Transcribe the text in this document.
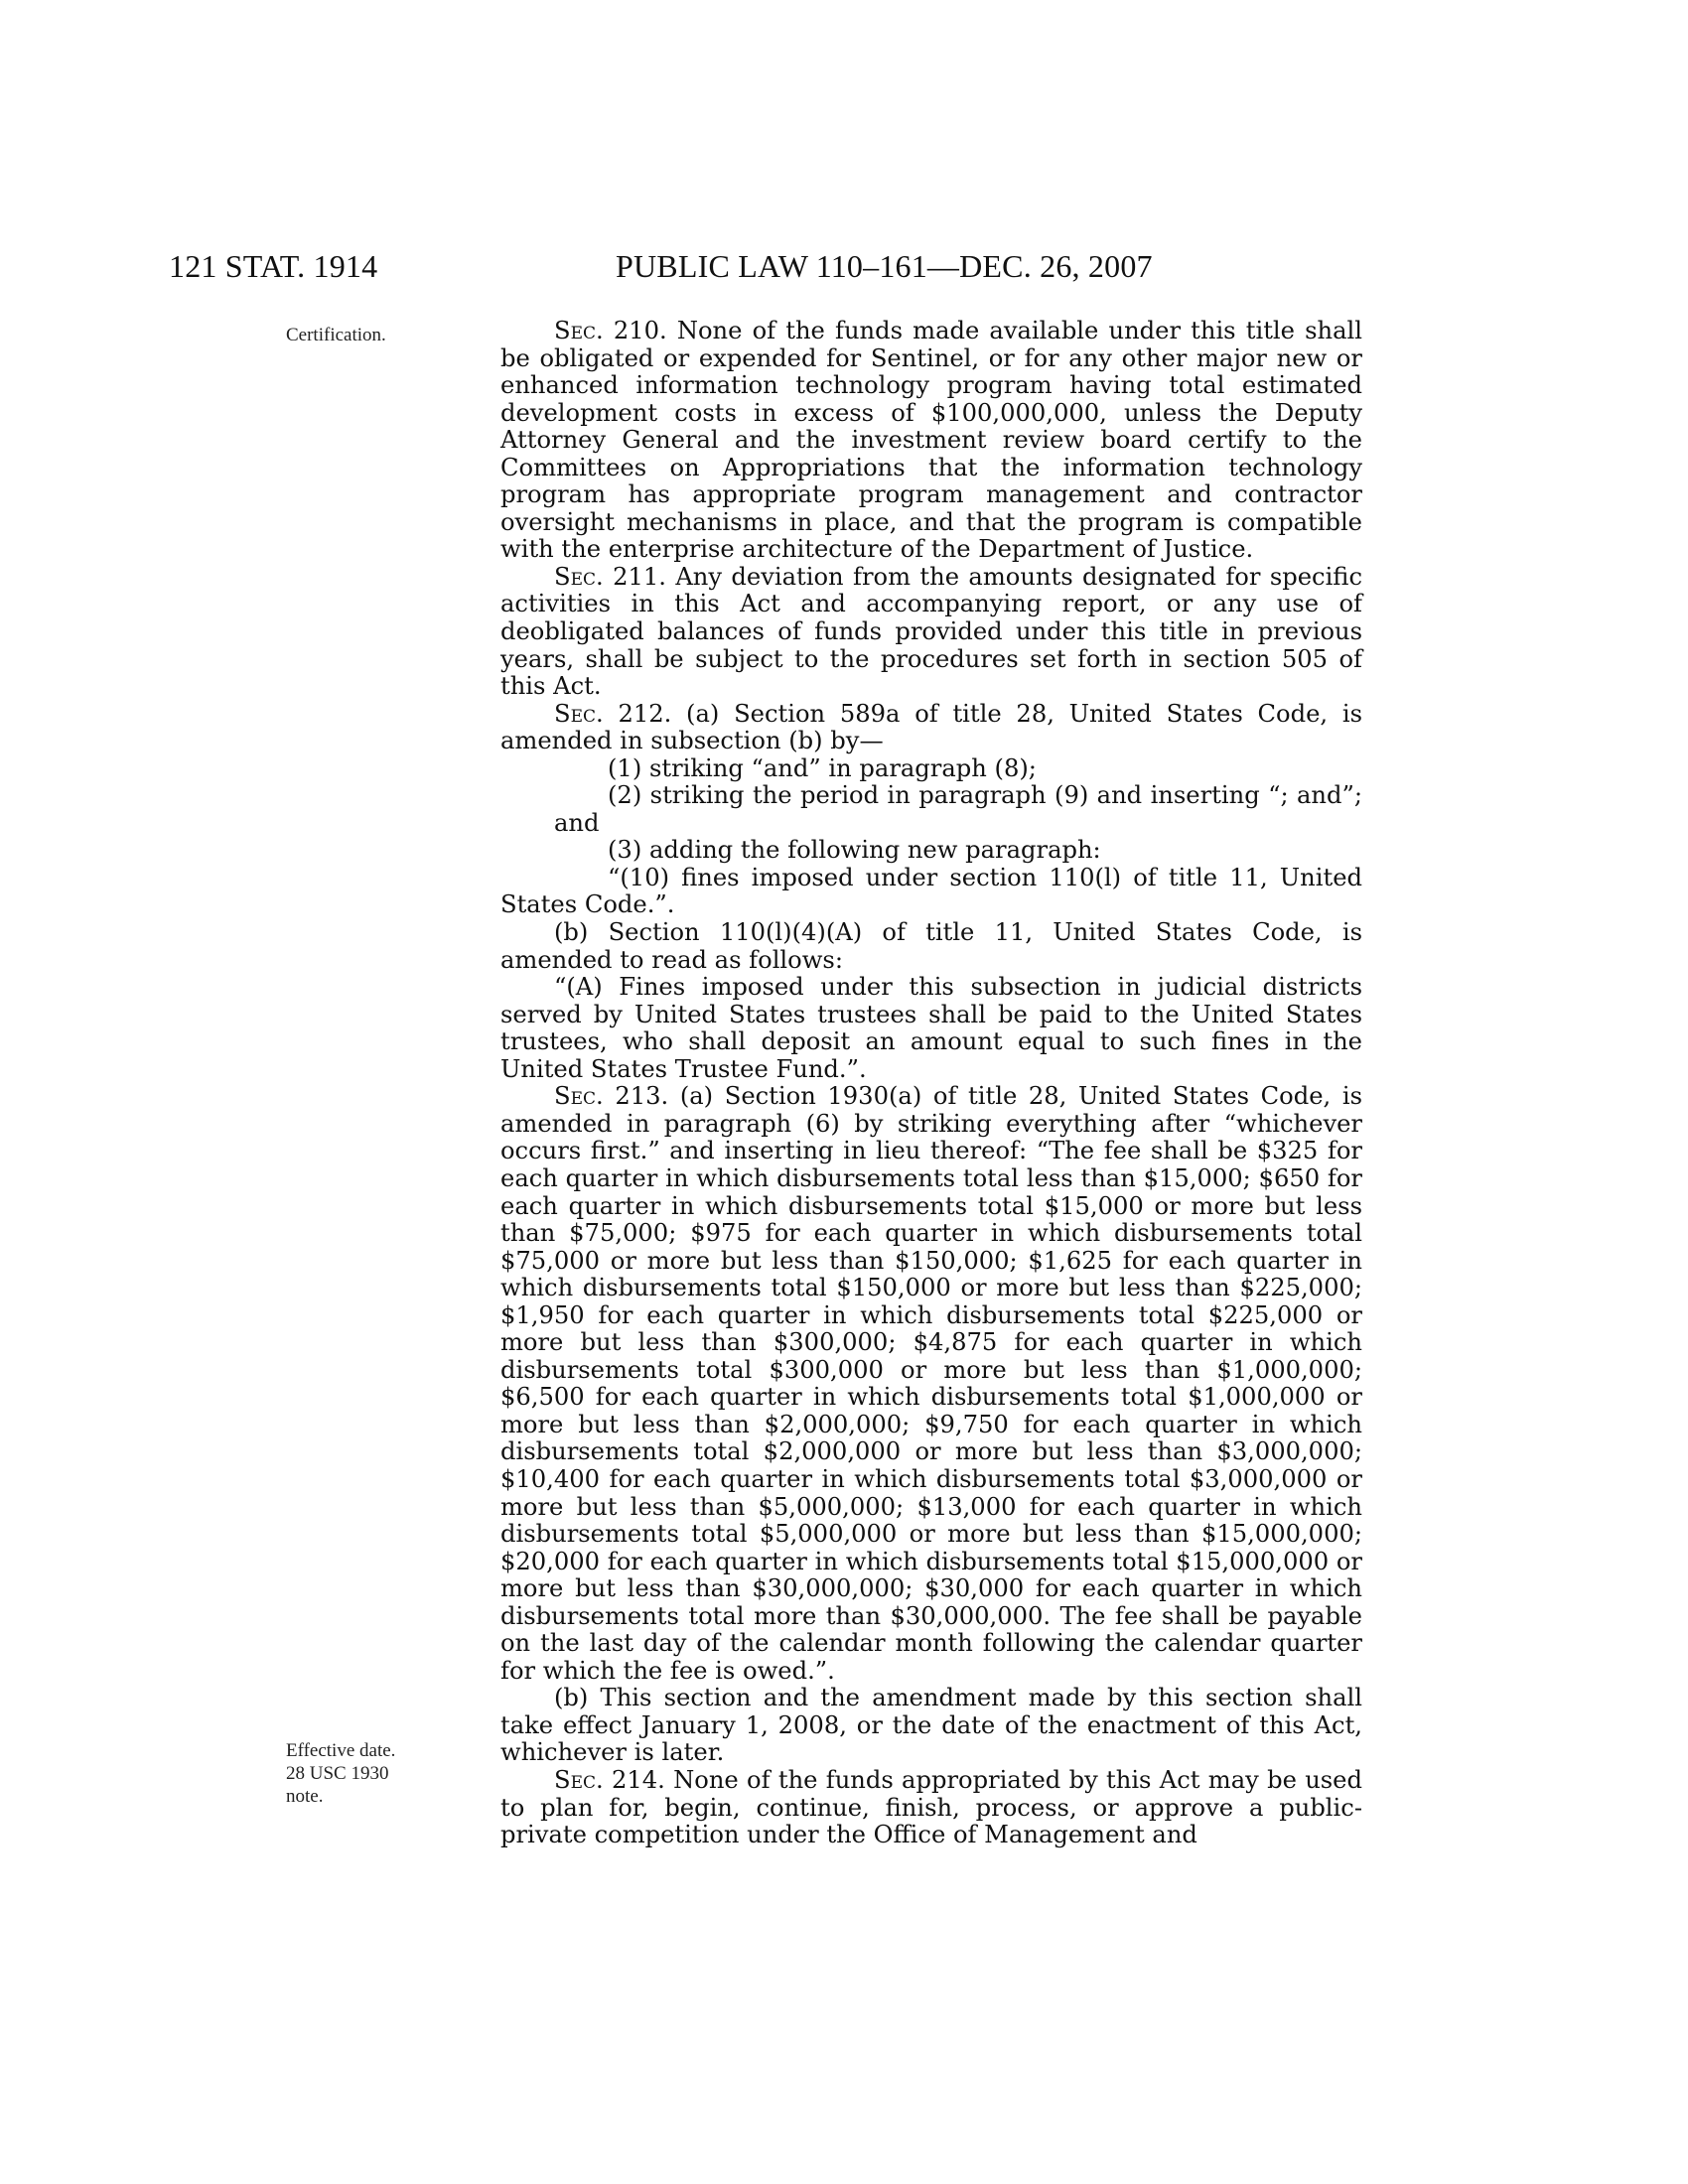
121 STAT. 1914	PUBLIC LAW 110–161—DEC. 26, 2007
Certification.
Effective date.
28 USC 1930
note.

Sec. 210. None of the funds made available under this title shall be obligated or expended for Sentinel, or for any other major new or enhanced information technology program having total estimated development costs in excess of $100,000,000, unless the Deputy Attorney General and the investment review board certify to the Committees on Appropriations that the information technology program has appropriate program management and contractor oversight mechanisms in place, and that the program is compatible with the enterprise architecture of the Department of Justice.

Sec. 211. Any deviation from the amounts designated for specific activities in this Act and accompanying report, or any use of deobligated balances of funds provided under this title in previous years, shall be subject to the procedures set forth in section 505 of this Act.

Sec. 212. (a) Section 589a of title 28, United States Code, is amended in subsection (b) by—

(1) striking “and” in paragraph (8);

(2) striking the period in paragraph (9) and inserting “; and”; and

(3) adding the following new paragraph:

“(10) fines imposed under section 110(l) of title 11, United States Code.”.

(b) Section 110(l)(4)(A) of title 11, United States Code, is amended to read as follows:

“(A) Fines imposed under this subsection in judicial districts served by United States trustees shall be paid to the United States trustees, who shall deposit an amount equal to such fines in the United States Trustee Fund.”.

Sec. 213. (a) Section 1930(a) of title 28, United States Code, is amended in paragraph (6) by striking everything after “whichever occurs first.” and inserting in lieu thereof: “The fee shall be $325 for each quarter in which disbursements total less than $15,000; $650 for each quarter in which disbursements total $15,000 or more but less than $75,000; $975 for each quarter in which disbursements total $75,000 or more but less than $150,000; $1,625 for each quarter in which disbursements total $150,000 or more but less than $225,000; $1,950 for each quarter in which disbursements total $225,000 or more but less than $300,000; $4,875 for each quarter in which disbursements total $300,000 or more but less than $1,000,000; $6,500 for each quarter in which disbursements total $1,000,000 or more but less than $2,000,000; $9,750 for each quarter in which disbursements total $2,000,000 or more but less than $3,000,000; $10,400 for each quarter in which disbursements total $3,000,000 or more but less than $5,000,000; $13,000 for each quarter in which disbursements total $5,000,000 or more but less than $15,000,000; $20,000 for each quarter in which disbursements total $15,000,000 or more but less than $30,000,000; $30,000 for each quarter in which disbursements total more than $30,000,000. The fee shall be payable on the last day of the calendar month following the calendar quarter for which the fee is owed.”.

(b) This section and the amendment made by this section shall take effect January 1, 2008, or the date of the enactment of this Act, whichever is later.

Sec. 214. None of the funds appropriated by this Act may be used to plan for, begin, continue, finish, process, or approve a public-private competition under the Office of Management and
